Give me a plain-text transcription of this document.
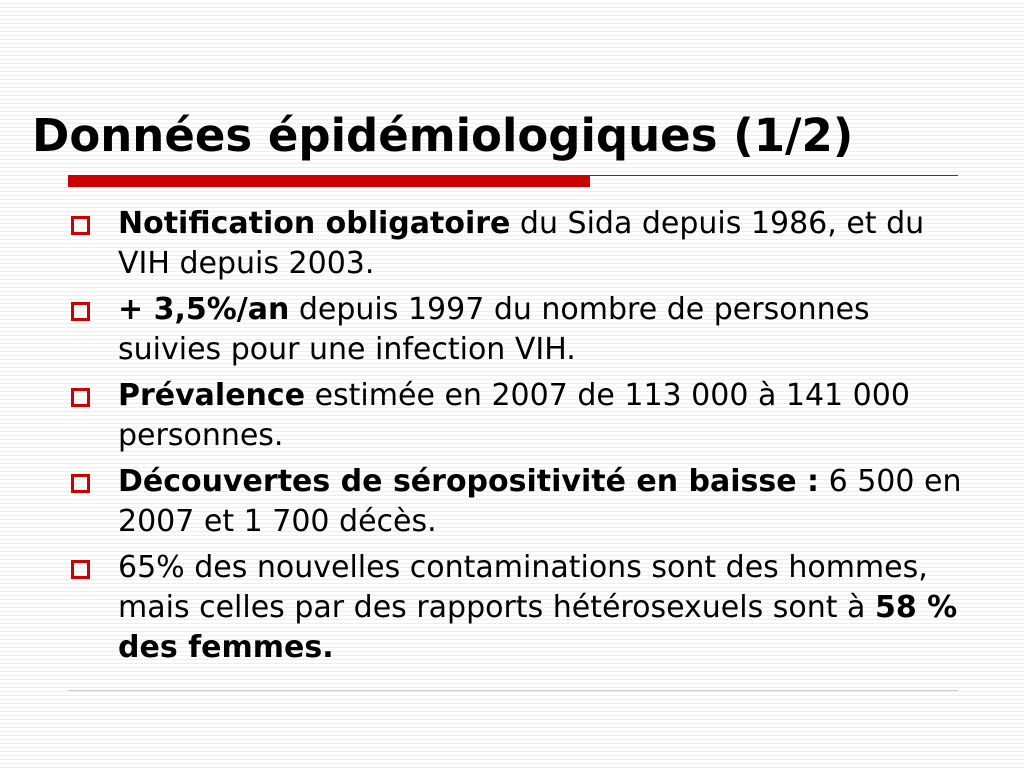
Données épidémiologiques (1/2)
Notification obligatoire du Sida depuis 1986, et du VIH depuis 2003.
+ 3,5%/an depuis 1997 du nombre de personnes suivies pour une infection VIH.
Prévalence estimée en 2007 de 113 000 à 141 000 personnes.
Découvertes de séropositivité en baisse : 6 500 en 2007 et 1 700 décès.
65% des nouvelles contaminations sont des hommes, mais celles par des rapports hétérosexuels sont à 58 % des femmes.
